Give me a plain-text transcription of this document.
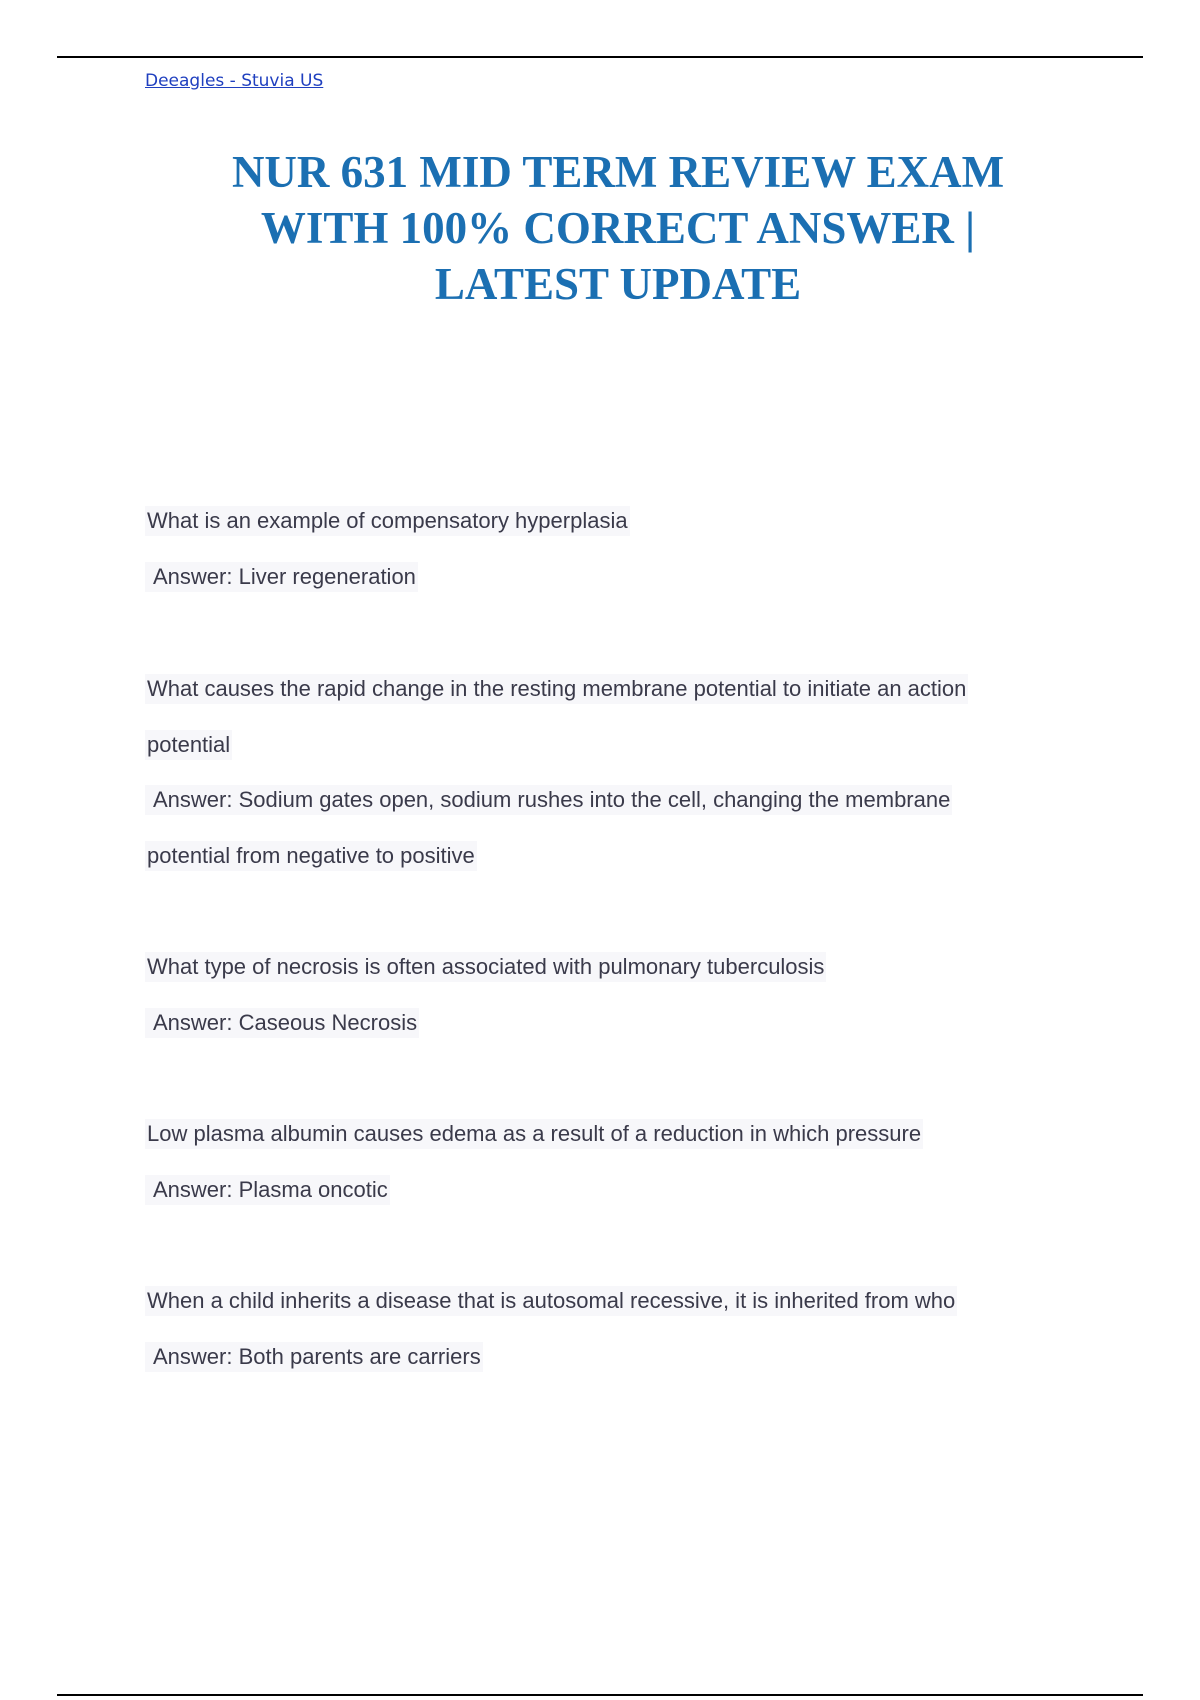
Deeagles - Stuvia US
NUR 631 MID TERM REVIEW EXAM
WITH 100% CORRECT ANSWER |
LATEST UPDATE
What is an example of compensatory hyperplasia
Answer: Liver regeneration
What causes the rapid change in the resting membrane potential to initiate an action
potential
Answer: Sodium gates open, sodium rushes into the cell, changing the membrane
potential from negative to positive
What type of necrosis is often associated with pulmonary tuberculosis
Answer: Caseous Necrosis
Low plasma albumin causes edema as a result of a reduction in which pressure
Answer: Plasma oncotic
When a child inherits a disease that is autosomal recessive, it is inherited from who
Answer: Both parents are carriers
